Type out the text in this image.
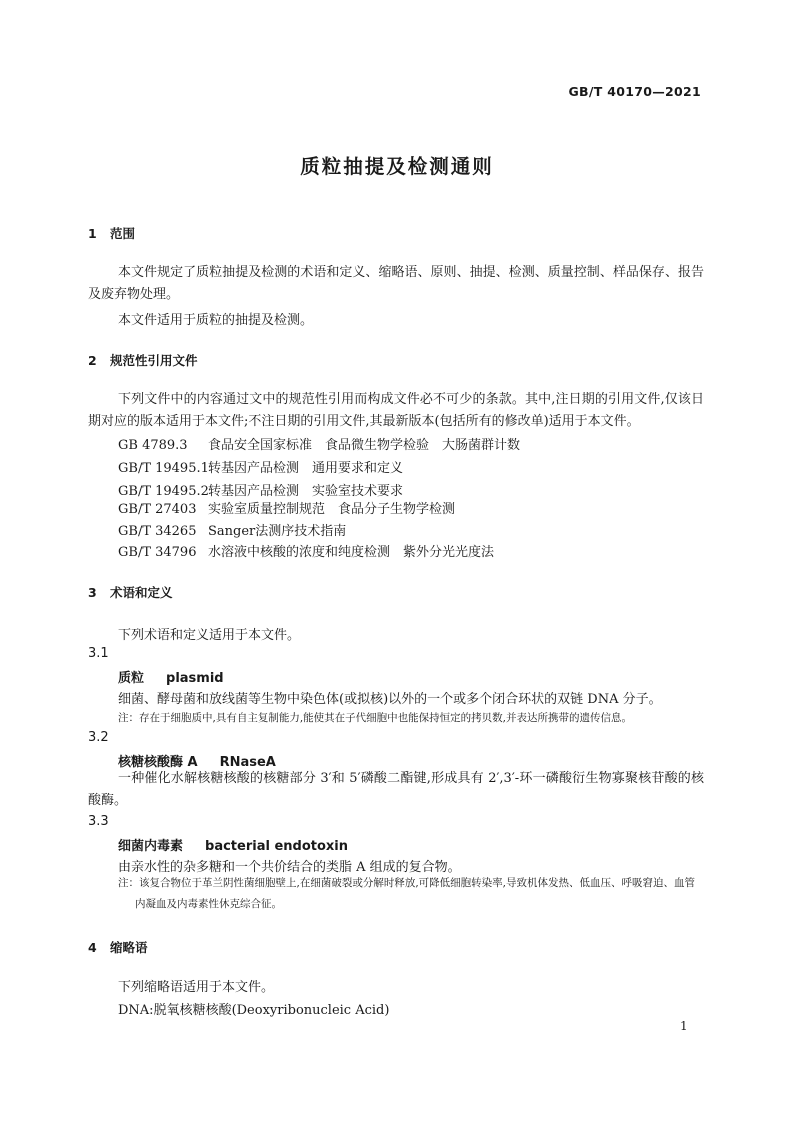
GB/T 40170—2021
质粒抽提及检测通则
1 范围
本文件规定了质粒抽提及检测的术语和定义、缩略语、原则、抽提、检测、质量控制、样品保存、报告及废弃物处理。
本文件适用于质粒的抽提及检测。
2 规范性引用文件
下列文件中的内容通过文中的规范性引用而构成文件必不可少的条款。其中,注日期的引用文件,仅该日期对应的版本适用于本文件;不注日期的引用文件,其最新版本(包括所有的修改单)适用于本文件。
GB 4789.3 食品安全国家标准　食品微生物学检验　大肠菌群计数
GB/T 19495.1转基因产品检测　通用要求和定义
GB/T 19495.2转基因产品检测　实验室技术要求
GB/T 27403 实验室质量控制规范　食品分子生物学检测
GB/T 34265 Sanger法测序技术指南
GB/T 34796 水溶液中核酸的浓度和纯度检测　紫外分光光度法
3 术语和定义
下列术语和定义适用于本文件。
3.1
质粒 plasmid
细菌、酵母菌和放线菌等生物中染色体(或拟核)以外的一个或多个闭合环状的双链 DNA 分子。
注：存在于细胞质中,具有自主复制能力,能使其在子代细胞中也能保持恒定的拷贝数,并表达所携带的遗传信息。
3.2
核糖核酸酶 A RNaseA
一种催化水解核糖核酸的核糖部分 3′和 5′磷酸二酯键,形成具有 2′,3′-环一磷酸衍生物寡聚核苷酸的核酸酶。
3.3
细菌内毒素 bacterial endotoxin
由亲水性的杂多糖和一个共价结合的类脂 A 组成的复合物。
注：该复合物位于革兰阴性菌细胞壁上,在细菌破裂或分解时释放,可降低细胞转染率,导致机体发热、低血压、呼吸窘迫、血管内凝血及内毒素性休克综合征。
4 缩略语
下列缩略语适用于本文件。
DNA:脱氧核糖核酸(Deoxyribonucleic Acid)
1
